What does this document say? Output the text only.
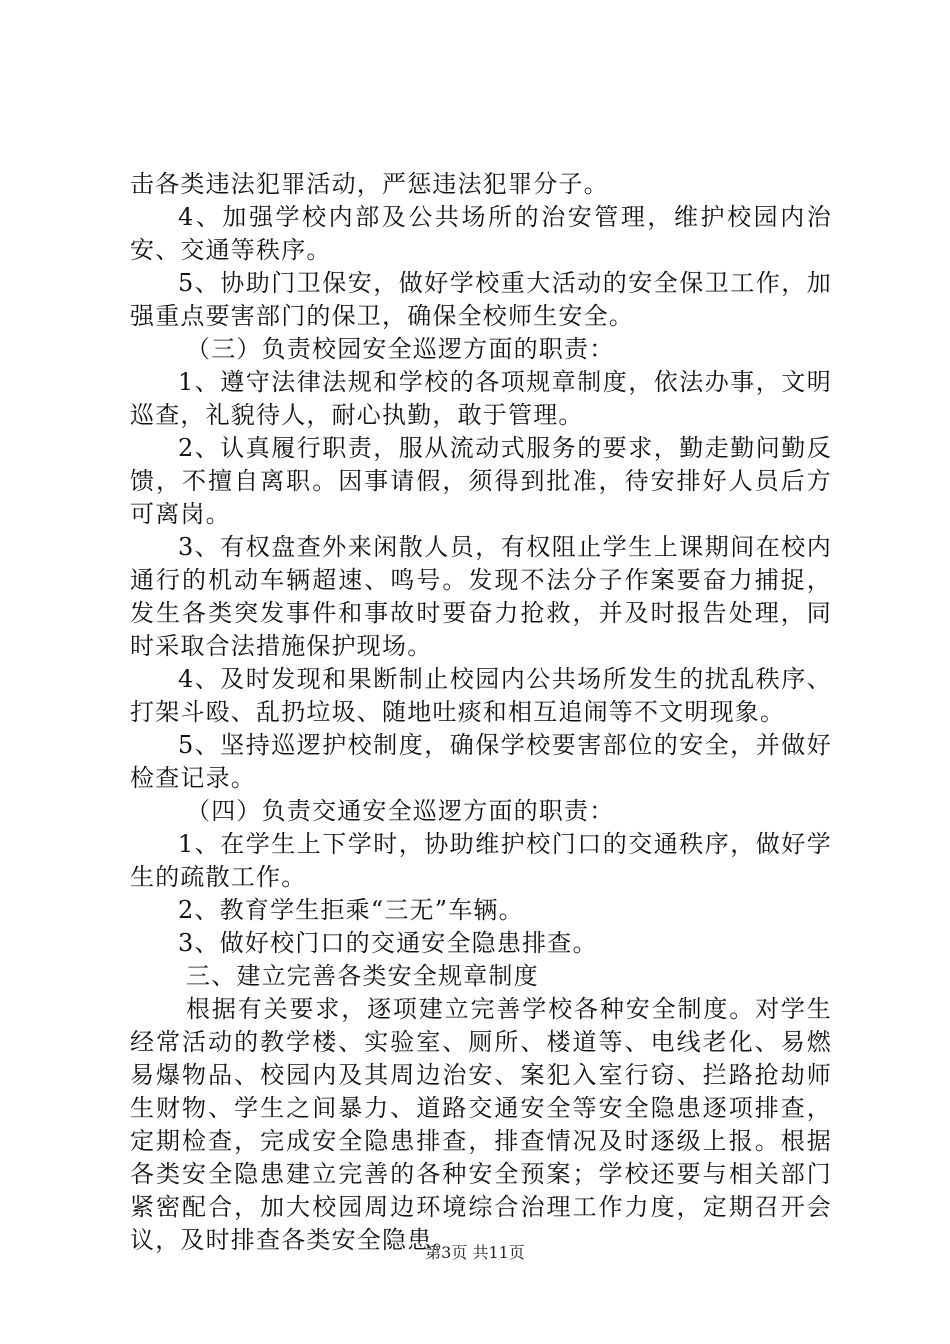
击各类违法犯罪活动，严惩违法犯罪分子。

4、加强学校内部及公共场所的治安管理，维护校园内治安、交通等秩序。

5、协助门卫保安，做好学校重大活动的安全保卫工作，加强重点要害部门的保卫，确保全校师生安全。

（三）负责校园安全巡逻方面的职责：

1、遵守法律法规和学校的各项规章制度，依法办事，文明巡查，礼貌待人，耐心执勤，敢于管理。

2、认真履行职责，服从流动式服务的要求，勤走勤问勤反馈，不擅自离职。因事请假，须得到批准，待安排好人员后方可离岗。

3、有权盘查外来闲散人员，有权阻止学生上课期间在校内通行的机动车辆超速、鸣号。发现不法分子作案要奋力捕捉，发生各类突发事件和事故时要奋力抢救，并及时报告处理，同时采取合法措施保护现场。

4、及时发现和果断制止校园内公共场所发生的扰乱秩序、打架斗殴、乱扔垃圾、随地吐痰和相互追闹等不文明现象。

5、坚持巡逻护校制度，确保学校要害部位的安全，并做好检查记录。

（四）负责交通安全巡逻方面的职责：

1、在学生上下学时，协助维护校门口的交通秩序，做好学生的疏散工作。

2、教育学生拒乘“三无”车辆。

3、做好校门口的交通安全隐患排查。

三、建立完善各类安全规章制度

根据有关要求，逐项建立完善学校各种安全制度。对学生经常活动的教学楼、实验室、厕所、楼道等、电线老化、易燃易爆物品、校园内及其周边治安、案犯入室行窃、拦路抢劫师生财物、学生之间暴力、道路交通安全等安全隐患逐项排查，定期检查，完成安全隐患排查，排查情况及时逐级上报。根据各类安全隐患建立完善的各种安全预案；学校还要与相关部门紧密配合，加大校园周边环境综合治理工作力度，定期召开会议，及时排查各类安全隐患。

第3页 共11页
